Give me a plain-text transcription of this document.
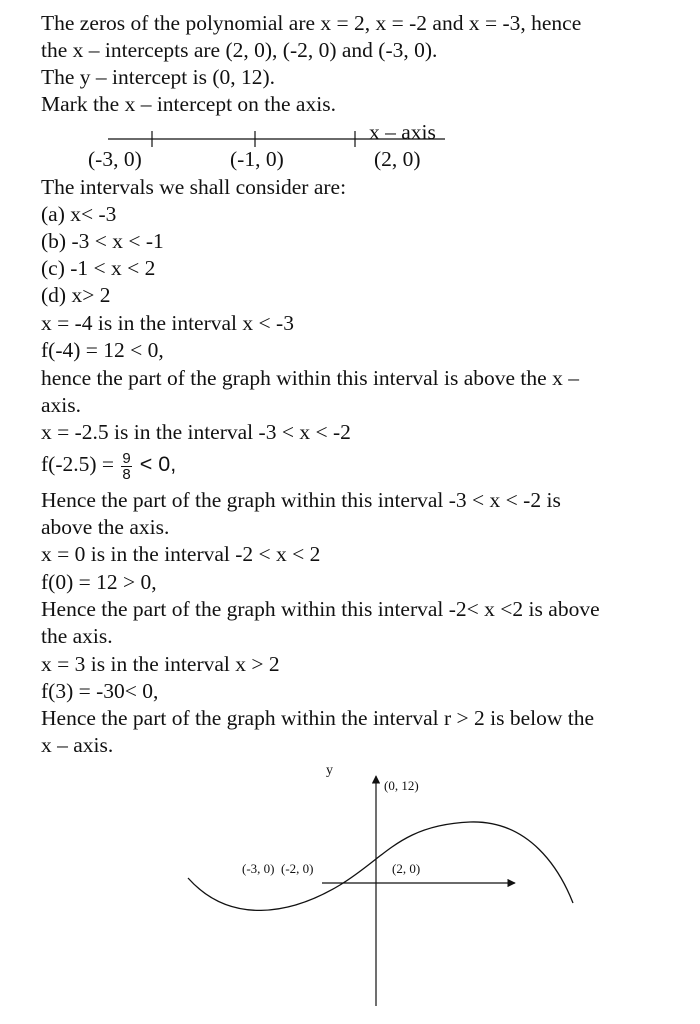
The zeros of the polynomial are x = 2, x = -2 and x = -3, hence

the x – intercepts are (2, 0), (-2, 0) and (-3, 0).

The y – intercept is (0, 12).

Mark the x – intercept on the axis.

x – axis
(-3, 0)	(-1, 0)	(2, 0)

The intervals we shall consider are:

(a) x< -3

(b) -3 < x < -1

(c) -1 < x < 2

(d) x> 2

x = -4 is in the interval x < -3

f(-4) = 12 < 0,

hence the part of the graph within this interval is above the x –

axis.

x = -2.5 is in the interval -3 < x < -2

$f(-2.5) = \frac{9}{8} < 0$,

Hence the part of the graph within this interval -3 < x < -2 is

above the axis.

x = 0 is in the interval -2 < x < 2

f(0) = 12 > 0,

Hence the part of the graph within this interval -2< x <2 is above

the axis.

x = 3 is in the interval x > 2

f(3) = -30< 0,

Hence the part of the graph within the interval r > 2 is below the

x – axis.

y
(0, 12)
(-3, 0)  (-2, 0)	(2, 0)
